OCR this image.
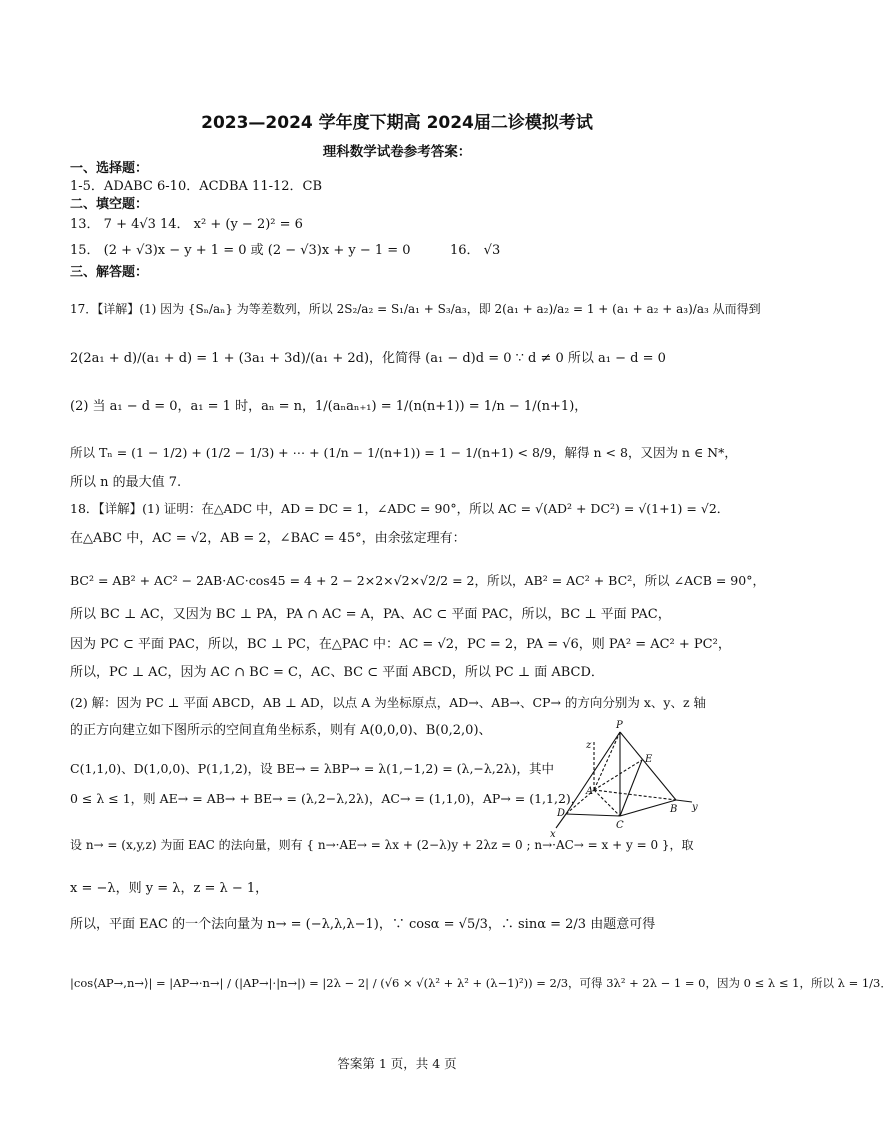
2023—2024 学年度下期高 2024届二诊模拟考试
理科数学试卷参考答案：
一、选择题：
1-5．ADABC 6-10．ACDBA 11-12．CB
二、填空题：
13． 7 + 4√3 14． x² + (y − 2)² = 6
15． (2 + √3)x − y + 1 = 0 或 (2 − √3)x + y − 1 = 0	16． √3
三、解答题：
17．【详解】(1) 因为 {Sₙ/aₙ} 为等差数列，所以 2S₂/a₂ = S₁/a₁ + S₃/a₃，即 2(a₁ + a₂)/a₂ = 1 + (a₁ + a₂ + a₃)/a₃ 从而得到
2(2a₁ + d)/(a₁ + d) = 1 + (3a₁ + 3d)/(a₁ + 2d)，化简得 (a₁ − d)d = 0 ∵ d ≠ 0 所以 a₁ − d = 0
(2) 当 a₁ − d = 0，a₁ = 1 时，aₙ = n，1/(aₙaₙ₊₁) = 1/(n(n+1)) = 1/n − 1/(n+1)，
所以 Tₙ = (1 − 1/2) + (1/2 − 1/3) + ⋯ + (1/n − 1/(n+1)) = 1 − 1/(n+1) < 8/9，解得 n < 8，又因为 n ∈ N*，
所以 n 的最大值 7.
18．【详解】(1) 证明：在△ADC 中，AD = DC = 1，∠ADC = 90°，所以 AC = √(AD² + DC²) = √(1+1) = √2．
在△ABC 中，AC = √2，AB = 2，∠BAC = 45°，由余弦定理有：
BC² = AB² + AC² − 2AB·AC·cos45 = 4 + 2 − 2×2×√2×√2/2 = 2，所以，AB² = AC² + BC²，所以 ∠ACB = 90°，
所以 BC ⊥ AC，又因为 BC ⊥ PA，PA ∩ AC = A，PA、AC ⊂ 平面 PAC，所以，BC ⊥ 平面 PAC，
因为 PC ⊂ 平面 PAC，所以，BC ⊥ PC，在△PAC 中：AC = √2，PC = 2，PA = √6，则 PA² = AC² + PC²，
所以，PC ⊥ AC，因为 AC ∩ BC = C，AC、BC ⊂ 平面 ABCD，所以 PC ⊥ 面 ABCD．
(2) 解：因为 PC ⊥ 平面 ABCD，AB ⊥ AD，以点 A 为坐标原点，AD→、AB→、CP→ 的方向分别为 x、y、z 轴
的正方向建立如下图所示的空间直角坐标系，则有 A(0,0,0)、B(0,2,0)、
C(1,1,0)、D(1,0,0)、P(1,1,2)，设 BE→ = λBP→ = λ(1,−1,2) = (λ,−λ,2λ)，其中
0 ≤ λ ≤ 1，则 AE→ = AB→ + BE→ = (λ,2−λ,2λ)，AC→ = (1,1,0)，AP→ = (1,1,2)，
设 n→ = (x,y,z) 为面 EAC 的法向量，则有 { n→·AE→ = λx + (2−λ)y + 2λz = 0 ; n→·AC→ = x + y = 0 }，取
x = −λ，则 y = λ，z = λ − 1，
所以，平面 EAC 的一个法向量为 n→ = (−λ,λ,λ−1)，∵ cosα = √5/3，∴ sinα = 2/3 由题意可得
|cos⟨AP→,n→⟩| = |AP→·n→| / (|AP→|·|n→|) = |2λ − 2| / (√6 × √(λ² + λ² + (λ−1)²)) = 2/3，可得 3λ² + 2λ − 1 = 0，因为 0 ≤ λ ≤ 1，所以 λ = 1/3．
P
z
E
A
D	B y
C
x
答案第 1 页，共 4 页
